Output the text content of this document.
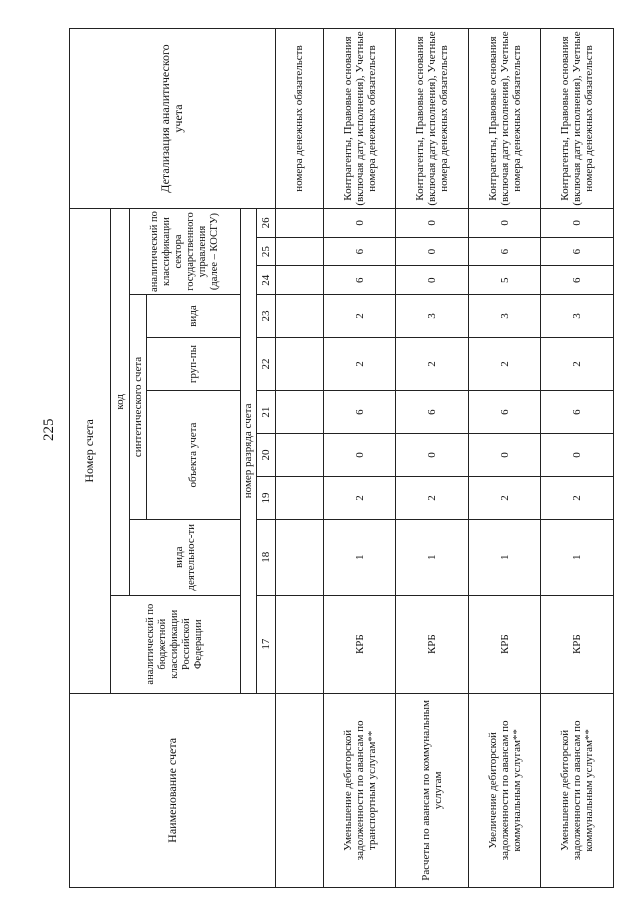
225
Наименование счета	Номер счета										Детализация аналитического учета
	аналитический по бюджетной классификации Российской Федерации	код									
		вида деятельнос-ти	синтетического счета					аналитический по классификации сектора государственного управления (далее – КОСГУ)			
			объекта учета			груп-пы	вида				
	номер разряда счета										
	17	18	19	20	21	22	23	24	25	26	
											номера денежных обязательств
Уменьшение дебиторской задолженности по авансам по транспортным услугам**	КРБ	1	2	0	6	2	2	6	6	0	Контрагенты, Правовые основания (включая дату исполнения), Учетные номера денежных обязательств
Расчеты по авансам по коммунальным услугам	КРБ	1	2	0	6	2	3	0	0	0	Контрагенты, Правовые основания (включая дату исполнения), Учетные номера денежных обязательств
Увеличение дебиторской задолженности по авансам по коммунальным услугам**	КРБ	1	2	0	6	2	3	5	6	0	Контрагенты, Правовые основания (включая дату исполнения), Учетные номера денежных обязательств
Уменьшение дебиторской задолженности по авансам по коммунальным услугам**	КРБ	1	2	0	6	2	3	6	6	0	Контрагенты, Правовые основания (включая дату исполнения), Учетные номера денежных обязательств
